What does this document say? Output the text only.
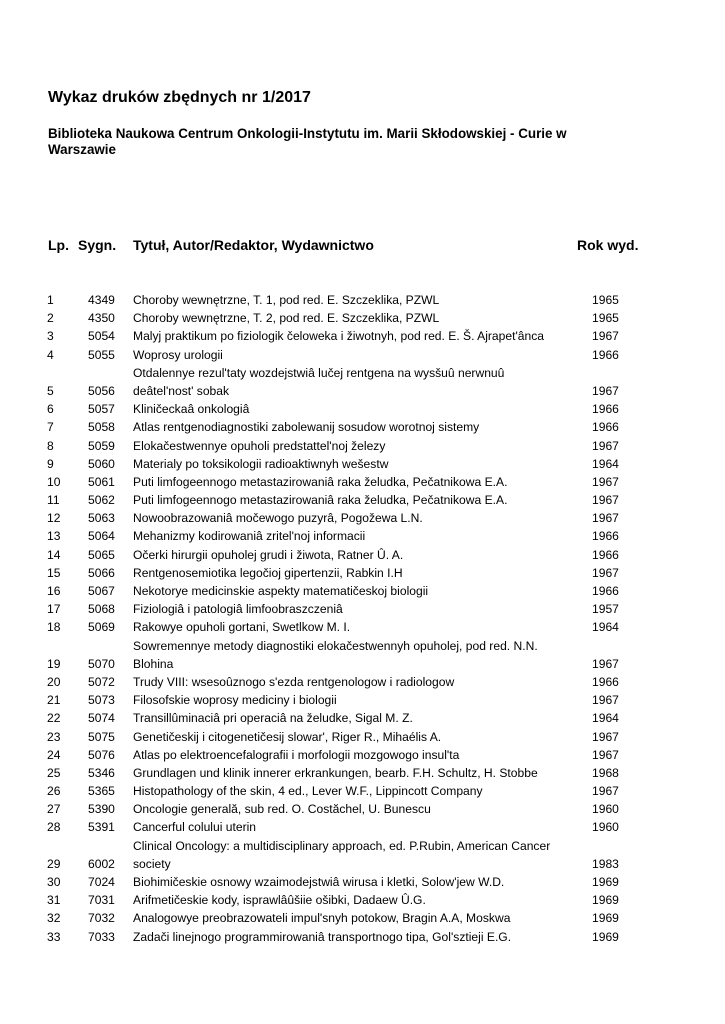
Wykaz druków zbędnych nr 1/2017
Biblioteka Naukowa Centrum Onkologii-Instytutu im. Marii Skłodowskiej - Curie w Warszawie
Lp. Sygn. Tytuł, Autor/Redaktor, Wydawnictwo	Rok wyd.
1	4349 Choroby wewnętrzne, T. 1, pod red. E. Szczeklika, PZWL	1965
2	4350 Choroby wewnętrzne, T. 2, pod red. E. Szczeklika, PZWL	1965
3	5054 Malyj praktikum po fiziologik čeloweka i žiwotnyh, pod red. E. Š. Ajrapet'ânca	1967
4	5055 Woprosy urologii	1966
5	5056
Otdalennye rezul'taty wozdejstwiâ lučej rentgena na wysšuû nerwnuû
deâtel'nost' sobak	1967
6	5057 Kliničeckaâ onkologiâ	1966
7	5058 Atlas rentgenodiagnostiki zabolewanij sosudow worotnoj sistemy	1966
8	5059 Elokačestwennye opuholi predstattel'noj železy	1967
9	5060 Materialy po toksikologii radioaktiwnyh wešestw	1964
10 5061 Puti limfogeennogo metastazirowaniâ raka želudka, Pečatnikowa E.A.	1967
11 5062 Puti limfogeennogo metastazirowaniâ raka želudka, Pečatnikowa E.A.	1967
12 5063 Nowoobrazowaniâ močewogo puzyrâ, Pogožewa L.N.	1967
13 5064 Mehanizmy kodirowaniâ zritel'noj informacii	1966
14 5065 Očerki hirurgii opuholej grudi i žiwota, Ratner Û. A.	1966
15 5066 Rentgenosemiotika legočioj gipertenzii, Rabkin I.H	1967
16 5067 Nekotorye medicinskie aspekty matematičeskoj biologii	1966
17 5068 Fiziologiâ i patologiâ limfoobraszczeniâ	1957
18 5069 Rakowye opuholi gortani, Swetlkow M. I.	1964
19 5070
Sowremennye metody diagnostiki elokačestwennyh opuholej, pod red. N.N.
Blohina	1967
20 5072 Trudy VIII: wsesoûznogo s'ezda rentgenologow i radiologow	1966
21 5073 Filosofskie woprosy mediciny i biologii	1967
22 5074 Transillûminaciâ pri operaciâ na želudke, Sigal M. Z.	1964
23 5075 Genetičeskij i citogenetičesij slowar', Riger R., Mihaélis A.	1967
24 5076 Atlas po elektroencefalografii i morfologii mozgowogo insul'ta	1967
25 5346 Grundlagen und klinik innerer erkrankungen, bearb. F.H. Schultz, H. Stobbe	1968
26 5365 Histopathology of the skin, 4 ed., Lever W.F., Lippincott Company	1967
27 5390 Oncologie generală, sub red. O. Costăchel, U. Bunescu	1960
28 5391 Cancerful colului uterin	1960
29 6002
Clinical Oncology: a multidisciplinary approach, ed. P.Rubin, American Cancer
society	1983
30 7024 Biohimičeskie osnowy wzaimodejstwiâ wirusa i kletki, Solow'jew W.D.	1969
31 7031 Arifmetičeskie kody, isprawlâûšiie ošibki, Dadaew Û.G.	1969
32 7032 Analogowye preobrazowateli impul'snyh potokow, Bragin A.A, Moskwa	1969
33 7033 Zadači linejnogo programmirowaniâ transportnogo tipa, Gol'sztieji E.G.	1969
